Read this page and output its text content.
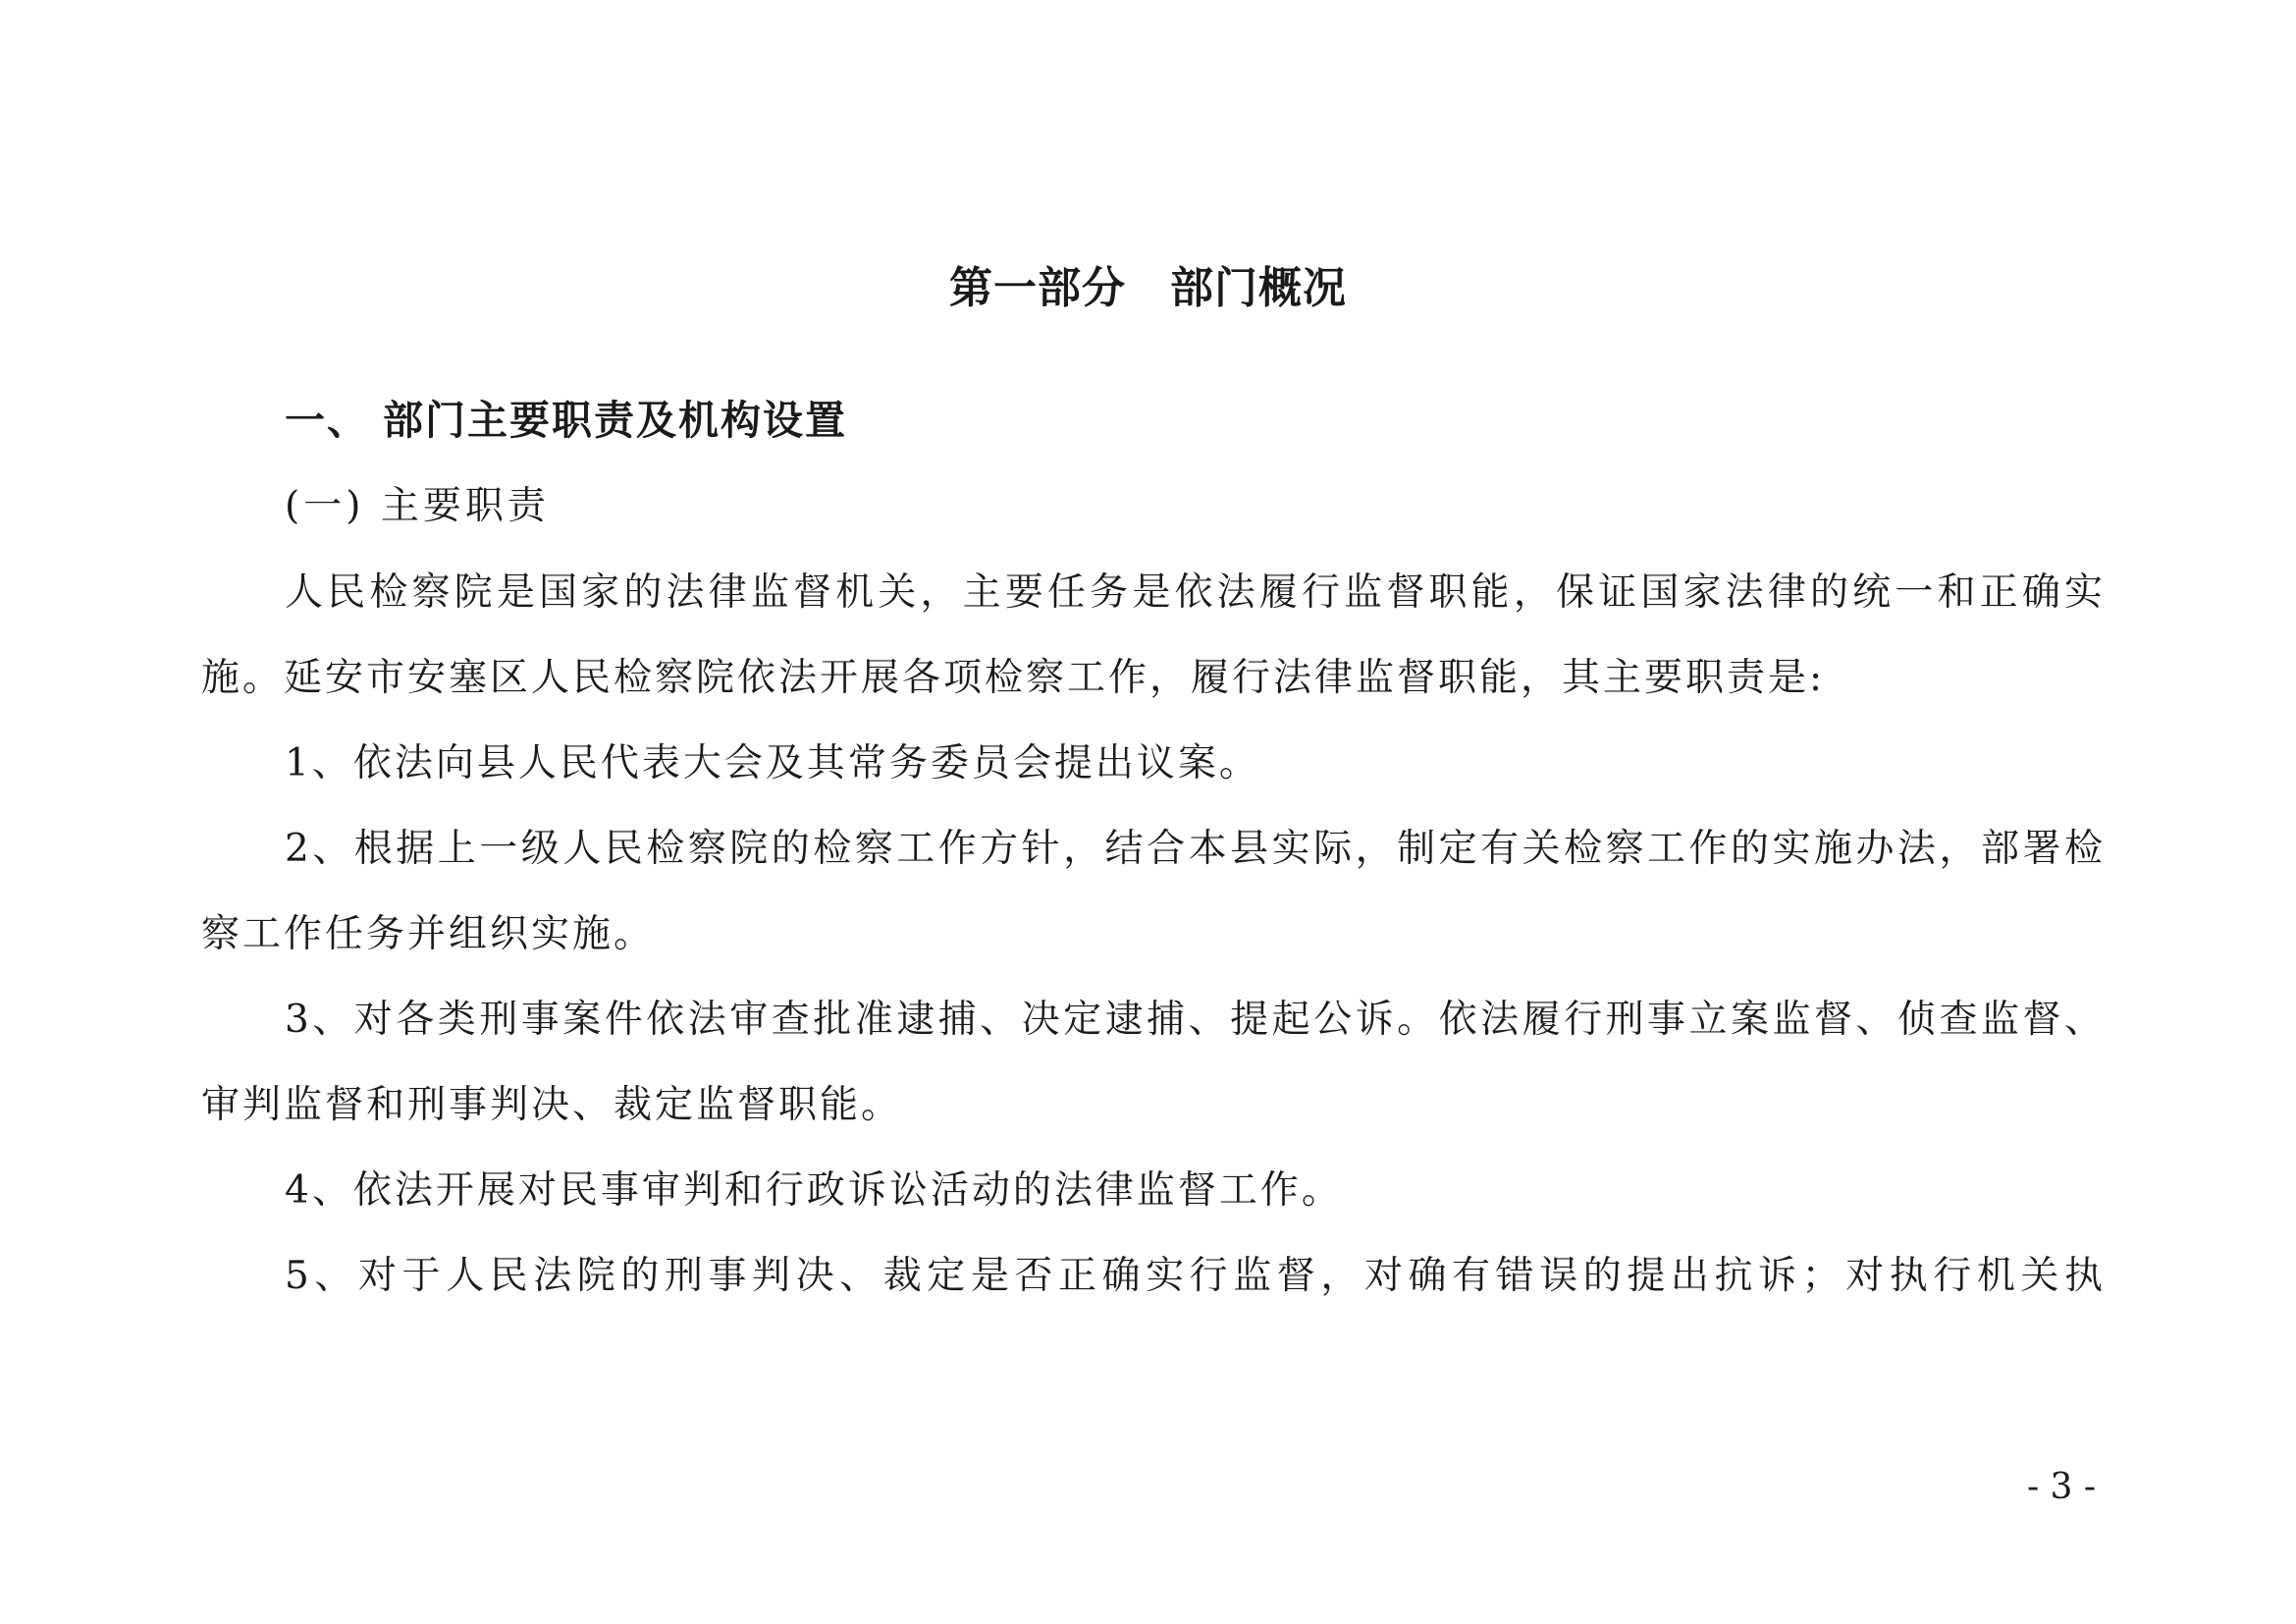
第一部分　部门概况
一、 部门主要职责及机构设置
(一) 主要职责

人民检察院是国家的法律监督机关，主要任务是依法履行监督职能，保证国家法律的统一和正确实施。延安市安塞区人民检察院依法开展各项检察工作，履行法律监督职能，其主要职责是:

1、依法向县人民代表大会及其常务委员会提出议案。

2、根据上一级人民检察院的检察工作方针，结合本县实际，制定有关检察工作的实施办法，部署检察工作任务并组织实施。

3、对各类刑事案件依法审查批准逮捕、决定逮捕、提起公诉。依法履行刑事立案监督、侦查监督、审判监督和刑事判决、裁定监督职能。

4、依法开展对民事审判和行政诉讼活动的法律监督工作。

5、对于人民法院的刑事判决、裁定是否正确实行监督，对确有错误的提出抗诉；对执行机关执

- 3 -
